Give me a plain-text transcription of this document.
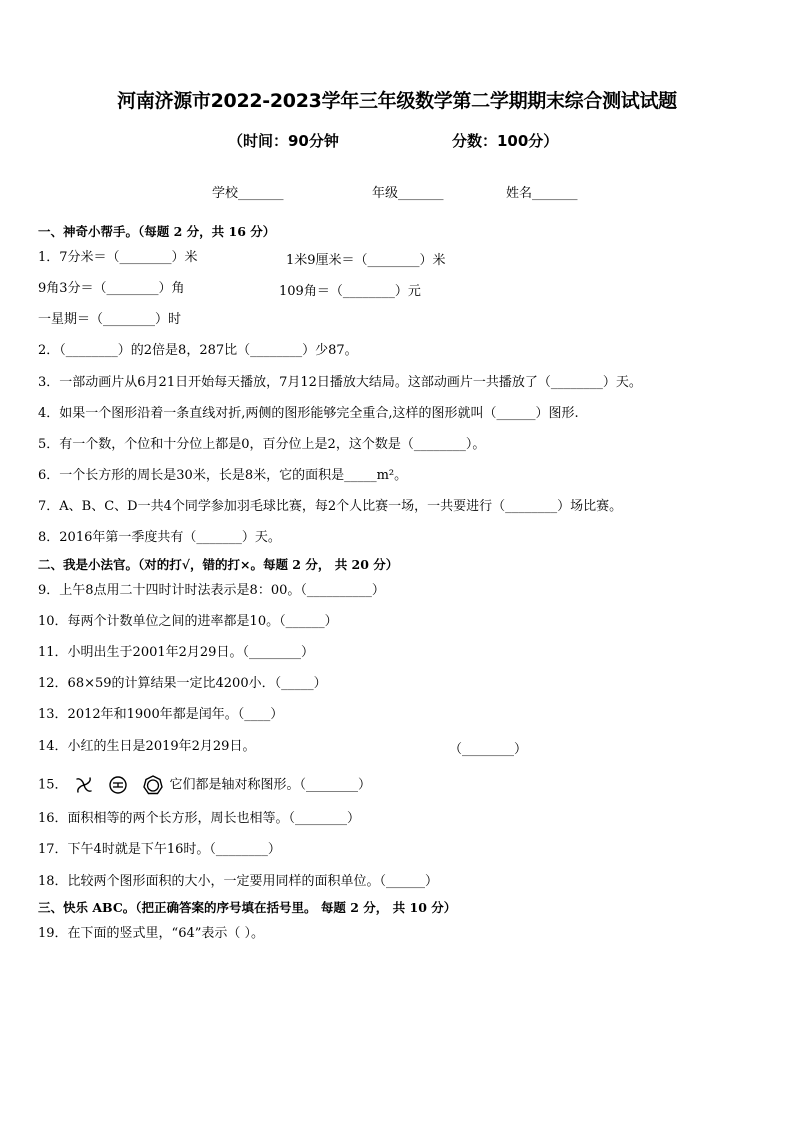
河南济源市2022-2023学年三年级数学第二学期期末综合测试试题
（时间：90分钟	分数：100分）
学校_______	年级_______	姓名_______
一、神奇小帮手。（每题 2 分，共 16 分）
1．7分米＝（________）米	1米9厘米＝（________）米
9角3分＝（________）角	109角＝（________）元
一星期＝（________）时
2．（________）的2倍是8，287比（________）少87。
3．一部动画片从6月21日开始每天播放，7月12日播放大结局。这部动画片一共播放了（________）天。
4．如果一个图形沿着一条直线对折,两侧的图形能够完全重合,这样的图形就叫（______）图形.
5．有一个数，个位和十分位上都是0，百分位上是2，这个数是（________）。
6．一个长方形的周长是30米，长是8米，它的面积是_____m²。
7．A、B、C、D一共4个同学参加羽毛球比赛，每2个人比赛一场，一共要进行（________）场比赛。
8．2016年第一季度共有（_______）天。
二、我是小法官。（对的打√，错的打×。每题 2 分， 共 20 分）
9．上午8点用二十四时计时法表示是8：00。（__________）
10．每两个计数单位之间的进率都是10。（______）
11．小明出生于2001年2月29日。（________）
12．68×59的计算结果一定比4200小．（_____）
13．2012年和1900年都是闰年。（____）
14．小红的生日是2019年2月29日。	（________）
15．	它们都是轴对称图形。（________）
16．面积相等的两个长方形，周长也相等。（________）
17．下午4时就是下午16时。（________）
18．比较两个图形面积的大小，一定要用同样的面积单位。（______）
三、快乐 ABC。（把正确答案的序号填在括号里。 每题 2 分， 共 10 分）
19．在下面的竖式里，“64”表示（ ）。
